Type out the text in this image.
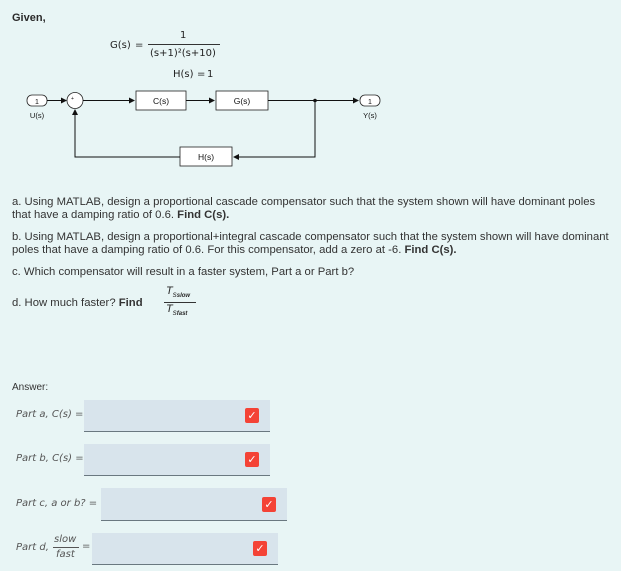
Given,
G(s) =
1
(s+1)²(s+10)
H(s) = 1
1
U(s)
+	C(s)	G(s)	1
Y(s)
H(s)
a. Using MATLAB, design a proportional cascade compensator such that the system shown will have dominant poles that have a damping ratio of 0.6. Find C(s).
b. Using MATLAB, design a proportional+integral cascade compensator such that the system shown will have dominant poles that have a damping ratio of 0.6. For this compensator, add a zero at -6. Find C(s).
c. Which compensator will result in a faster system, Part a or Part b?
d. How much faster? Find
$T_{sslow}$
$T_{sfast}$
Answer:
Part a, C(s) =	✓
Part b, C(s) =	✓
Part c, a or b? =	✓
Part d,
slow
fast
=	✓
